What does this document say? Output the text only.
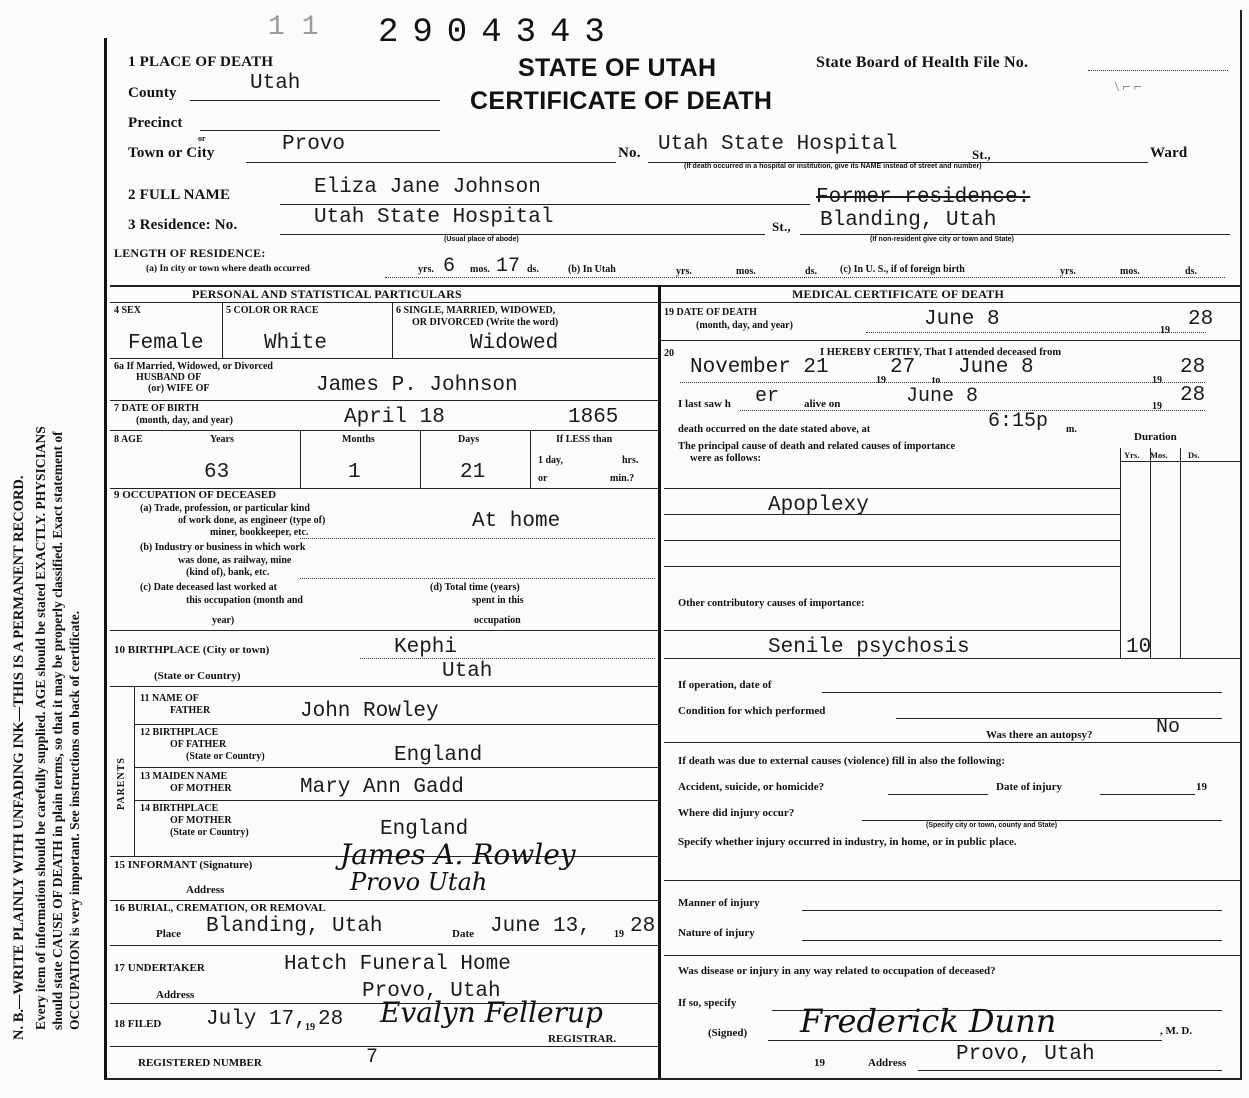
N. B.—WRITE PLAINLY WITH UNFADING INK—THIS IS A PERMANENT RECORD. Every item of information should be carefully supplied. AGE should be stated EXACTLY. PHYSICIANS should state CAUSE OF DEATH in plain terms, so that it may be properly classified. Exact statement of OCCUPATION is very important. See instructions on back of certificate.
1 1 2904343
STATE OF UTAH
CERTIFICATE OF DEATH
State Board of Health File No.
\ ⌐ ⌐
1 PLACE OF DEATH
County	Utah
Precinct
or
Town or City	Provo	No. Utah State Hospital	St.,	Ward
(If death occurred in a hospital or institution, give its NAME instead of street and number)
2 FULL NAME	Eliza Jane Johnson	Former residence:
3 Residence: No.	Utah State Hospital
(Usual place of abode)
St., Blanding, Utah
(If non-resident give city or town and State)
LENGTH OF RESIDENCE:
(a) In city or town where death occurred	yrs. 6 mos. 17 ds.	(b) In Utah	yrs.	mos.	ds. (c) In U. S., if of foreign birth	yrs.	mos.	ds.
PERSONAL AND STATISTICAL PARTICULARS
4 SEX	5 COLOR OR RACE	6 SINGLE, MARRIED, WIDOWED,
OR DIVORCED (Write the word)
Female	White	Widowed
6a If Married, Widowed, or Divorced
HUSBAND OF
(or) WIFE OF	James P. Johnson
7 DATE OF BIRTH
(month, day, and year)	April 18	1865
8 AGE	Years	Months	Days	If LESS than
1 day,	hrs.
or	min.?
63	1	21
9 OCCUPATION OF DECEASED
(a) Trade, profession, or particular kind
of work done, as engineer (type of)
miner, bookkeeper, etc.	At home
(b) Industry or business in which work
was done, as railway, mine
(kind of), bank, etc.
(c) Date deceased last worked at
this occupation (month and
year)
(d) Total time (years)
spent in this
occupation
10 BIRTHPLACE (City or town)	Kephi
(State or Country)	Utah
PARENTS
11 NAME OF
FATHER	John Rowley
12 BIRTHPLACE
OF FATHER
(State or Country)	England
13 MAIDEN NAME
OF MOTHER	Mary Ann Gadd
14 BIRTHPLACE
OF MOTHER
(State or Country)	England
15 INFORMANT (Signature)	James A. Rowley
Address	Provo Utah
16 BURIAL, CREMATION, OR REMOVAL
Place Blanding, Utah	Date June 13, 19 28
17 UNDERTAKER	Hatch Funeral Home
Address	Provo, Utah
18 FILED July 17,
19 28 Evalyn Fellerup
REGISTRAR.
REGISTERED NUMBER	7
MEDICAL CERTIFICATE OF DEATH
19 DATE OF DEATH
(month, day, and year)	June 8	19 28
20	I HEREBY CERTIFY, That I attended deceased from
November 21
19
27
to
June 8
19
28
I last saw h er alive on	June 8	19 28
death occurred on the date stated above, at	6:15p m.
The principal cause of death and related causes of importance
were as follows:
Duration
Yrs. Mos. Ds.
Apoplexy
Other contributory causes of importance:
Senile psychosis	10
If operation, date of
Condition for which performed
Was there an autopsy?	No
If death was due to external causes (violence) fill in also the following:
Accident, suicide, or homicide?	Date of injury	19
Where did injury occur?
(Specify city or town, county and State)
Specify whether injury occurred in industry, in home, or in public place.
Manner of injury
Nature of injury
Was disease or injury in any way related to occupation of deceased?
If so, specify
(Signed) Frederick Dunn	, M. D.
19	Address Provo, Utah
